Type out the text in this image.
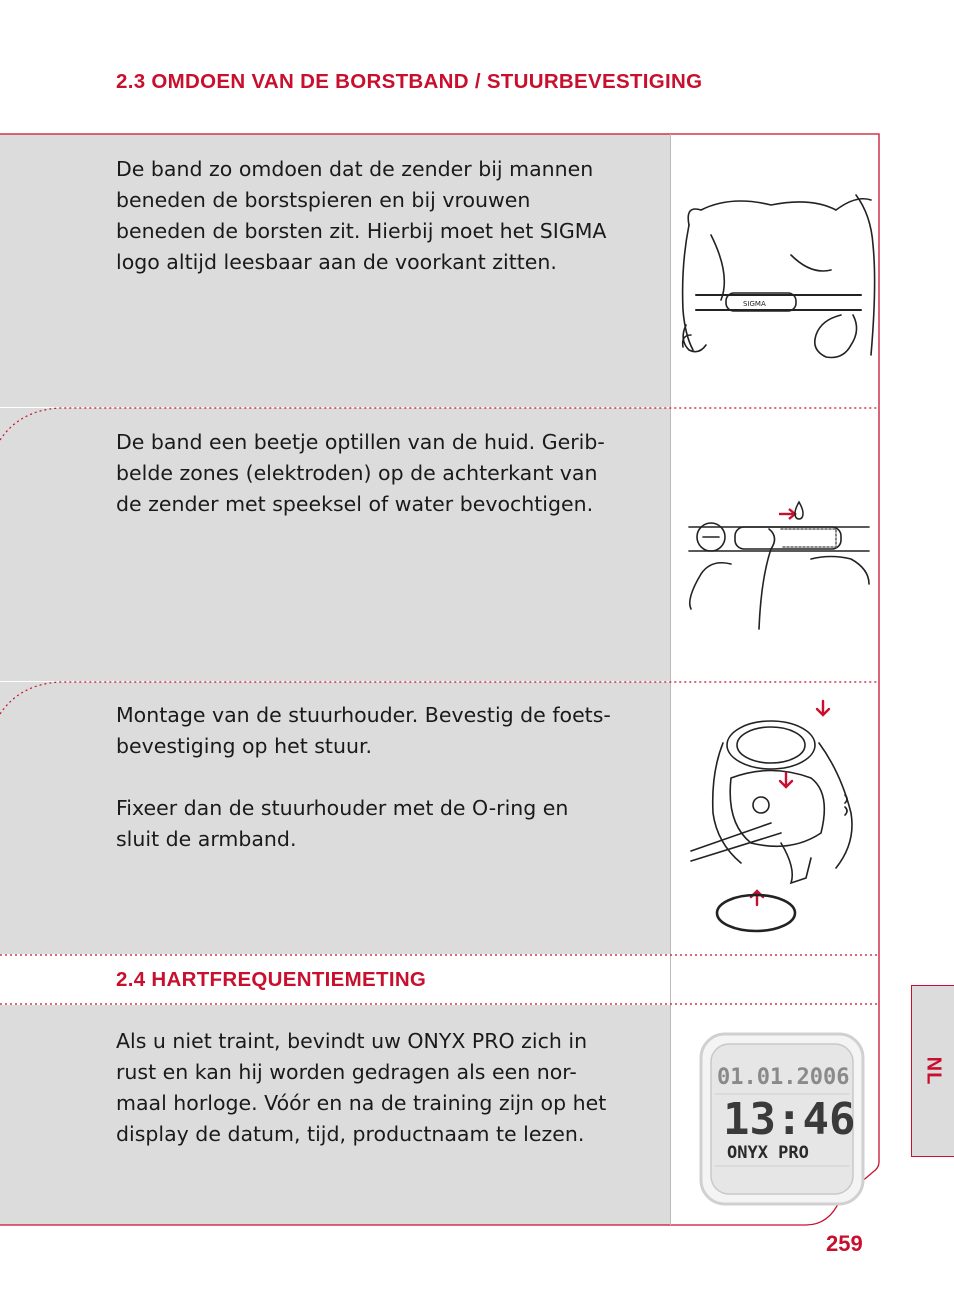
2.3 OMDOEN VAN DE BORSTBAND / STUURBEVESTIGING
De band zo omdoen dat de zender bij mannen
beneden de borstspieren en bij vrouwen
beneden de borsten zit. Hierbij moet het SIGMA
logo altijd leesbaar aan de voorkant zitten.
De band een beetje optillen van de huid. Gerib-
belde zones (elektroden) op de achterkant van
de zender met speeksel of water bevochtigen.
Montage van de stuurhouder. Bevestig de foets-
bevestiging op het stuur.

Fixeer dan de stuurhouder met de O-ring en
sluit de armband.
2.4 HARTFREQUENTIEMETING
Als u niet traint, bevindt uw ONYX PRO zich in
rust en kan hij worden gedragen als een nor-
maal horloge. Vóór en na de training zijn op het
display de datum, tijd, productnaam te lezen.
SIGMA
01.01.2006
13:46
ONYX PRO
NL
259
